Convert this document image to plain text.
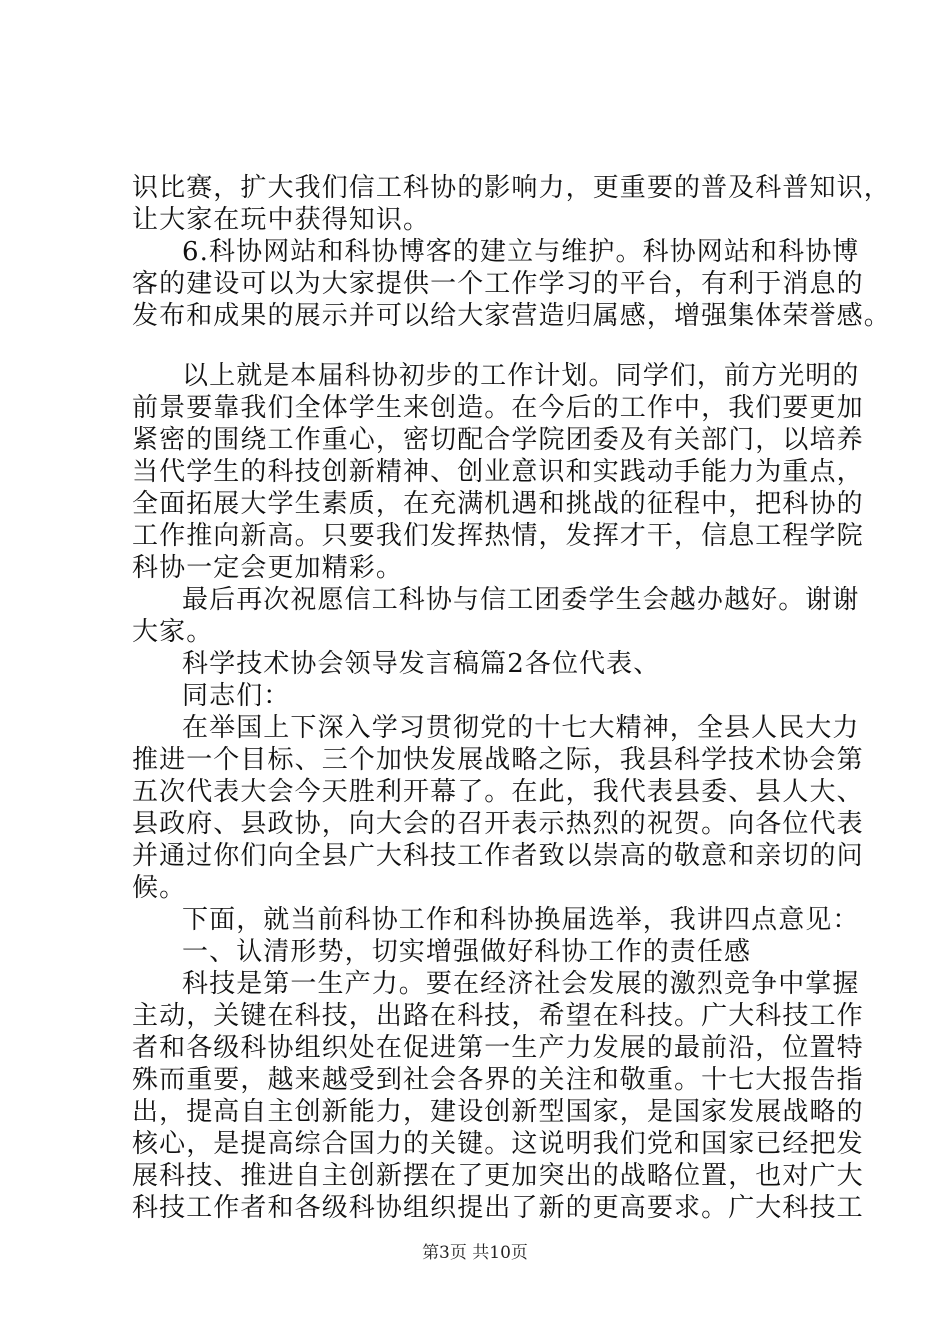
识比赛，扩大我们信工科协的影响力，更重要的普及科普知识，
让大家在玩中获得知识。
6.科协网站和科协博客的建立与维护。科协网站和科协博
客的建设可以为大家提供一个工作学习的平台，有利于消息的
发布和成果的展示并可以给大家营造归属感，增强集体荣誉感。
以上就是本届科协初步的工作计划。同学们，前方光明的
前景要靠我们全体学生来创造。在今后的工作中，我们要更加
紧密的围绕工作重心，密切配合学院团委及有关部门，以培养
当代学生的科技创新精神、创业意识和实践动手能力为重点，
全面拓展大学生素质，在充满机遇和挑战的征程中，把科协的
工作推向新高。只要我们发挥热情，发挥才干，信息工程学院
科协一定会更加精彩。
最后再次祝愿信工科协与信工团委学生会越办越好。谢谢
大家。
科学技术协会领导发言稿篇2各位代表、
同志们：
在举国上下深入学习贯彻党的十七大精神，全县人民大力
推进一个目标、三个加快发展战略之际，我县科学技术协会第
五次代表大会今天胜利开幕了。在此，我代表县委、县人大、
县政府、县政协，向大会的召开表示热烈的祝贺。向各位代表
并通过你们向全县广大科技工作者致以崇高的敬意和亲切的问
候。
下面，就当前科协工作和科协换届选举，我讲四点意见：
一、认清形势，切实增强做好科协工作的责任感
科技是第一生产力。要在经济社会发展的激烈竞争中掌握
主动，关键在科技，出路在科技，希望在科技。广大科技工作
者和各级科协组织处在促进第一生产力发展的最前沿，位置特
殊而重要，越来越受到社会各界的关注和敬重。十七大报告指
出，提高自主创新能力，建设创新型国家，是国家发展战略的
核心，是提高综合国力的关键。这说明我们党和国家已经把发
展科技、推进自主创新摆在了更加突出的战略位置，也对广大
科技工作者和各级科协组织提出了新的更高要求。广大科技工
第3页 共10页
